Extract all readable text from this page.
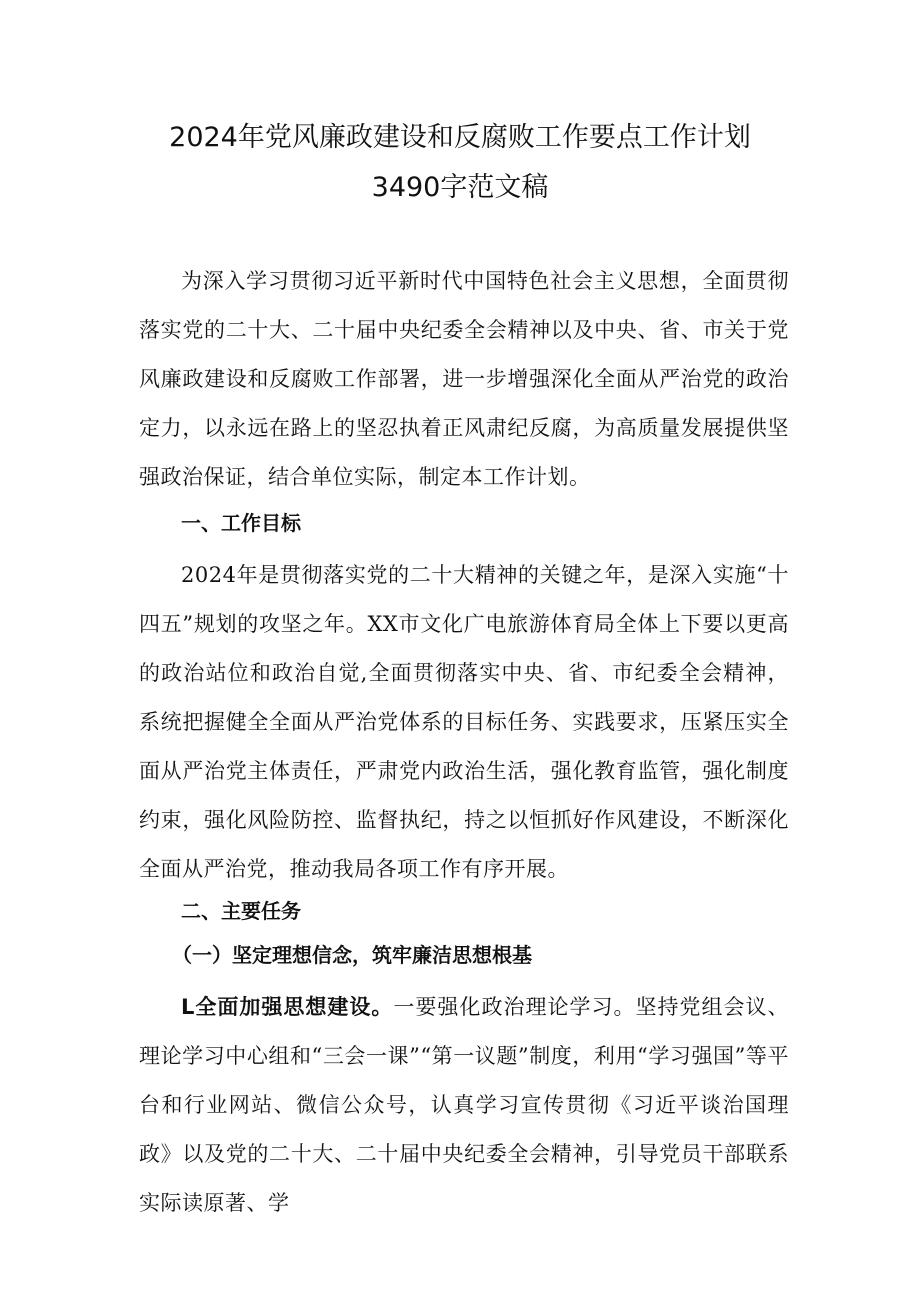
2024年党风廉政建设和反腐败工作要点工作计划
3490字范文稿

为深入学习贯彻习近平新时代中国特色社会主义思想，全面贯彻落实党的二十大、二十届中央纪委全会精神以及中央、省、市关于党风廉政建设和反腐败工作部署，进一步增强深化全面从严治党的政治定力，以永远在路上的坚忍执着正风肃纪反腐，为高质量发展提供坚强政治保证，结合单位实际，制定本工作计划。

一、工作目标

2024年是贯彻落实党的二十大精神的关键之年，是深入实施“十四五”规划的攻坚之年。XX市文化广电旅游体育局全体上下要以更高的政治站位和政治自觉,全面贯彻落实中央、省、市纪委全会精神，系统把握健全全面从严治党体系的目标任务、实践要求，压紧压实全面从严治党主体责任，严肃党内政治生活，强化教育监管，强化制度约束，强化风险防控、监督执纪，持之以恒抓好作风建设，不断深化全面从严治党，推动我局各项工作有序开展。

二、主要任务
（一）坚定理想信念，筑牢廉洁思想根基

L全面加强思想建设。一要强化政治理论学习。坚持党组会议、理论学习中心组和“三会一课”“第一议题”制度，利用“学习强国”等平台和行业网站、微信公众号，认真学习宣传贯彻《习近平谈治国理政》以及党的二十大、二十届中央纪委全会精神，引导党员干部联系实际读原著、学
